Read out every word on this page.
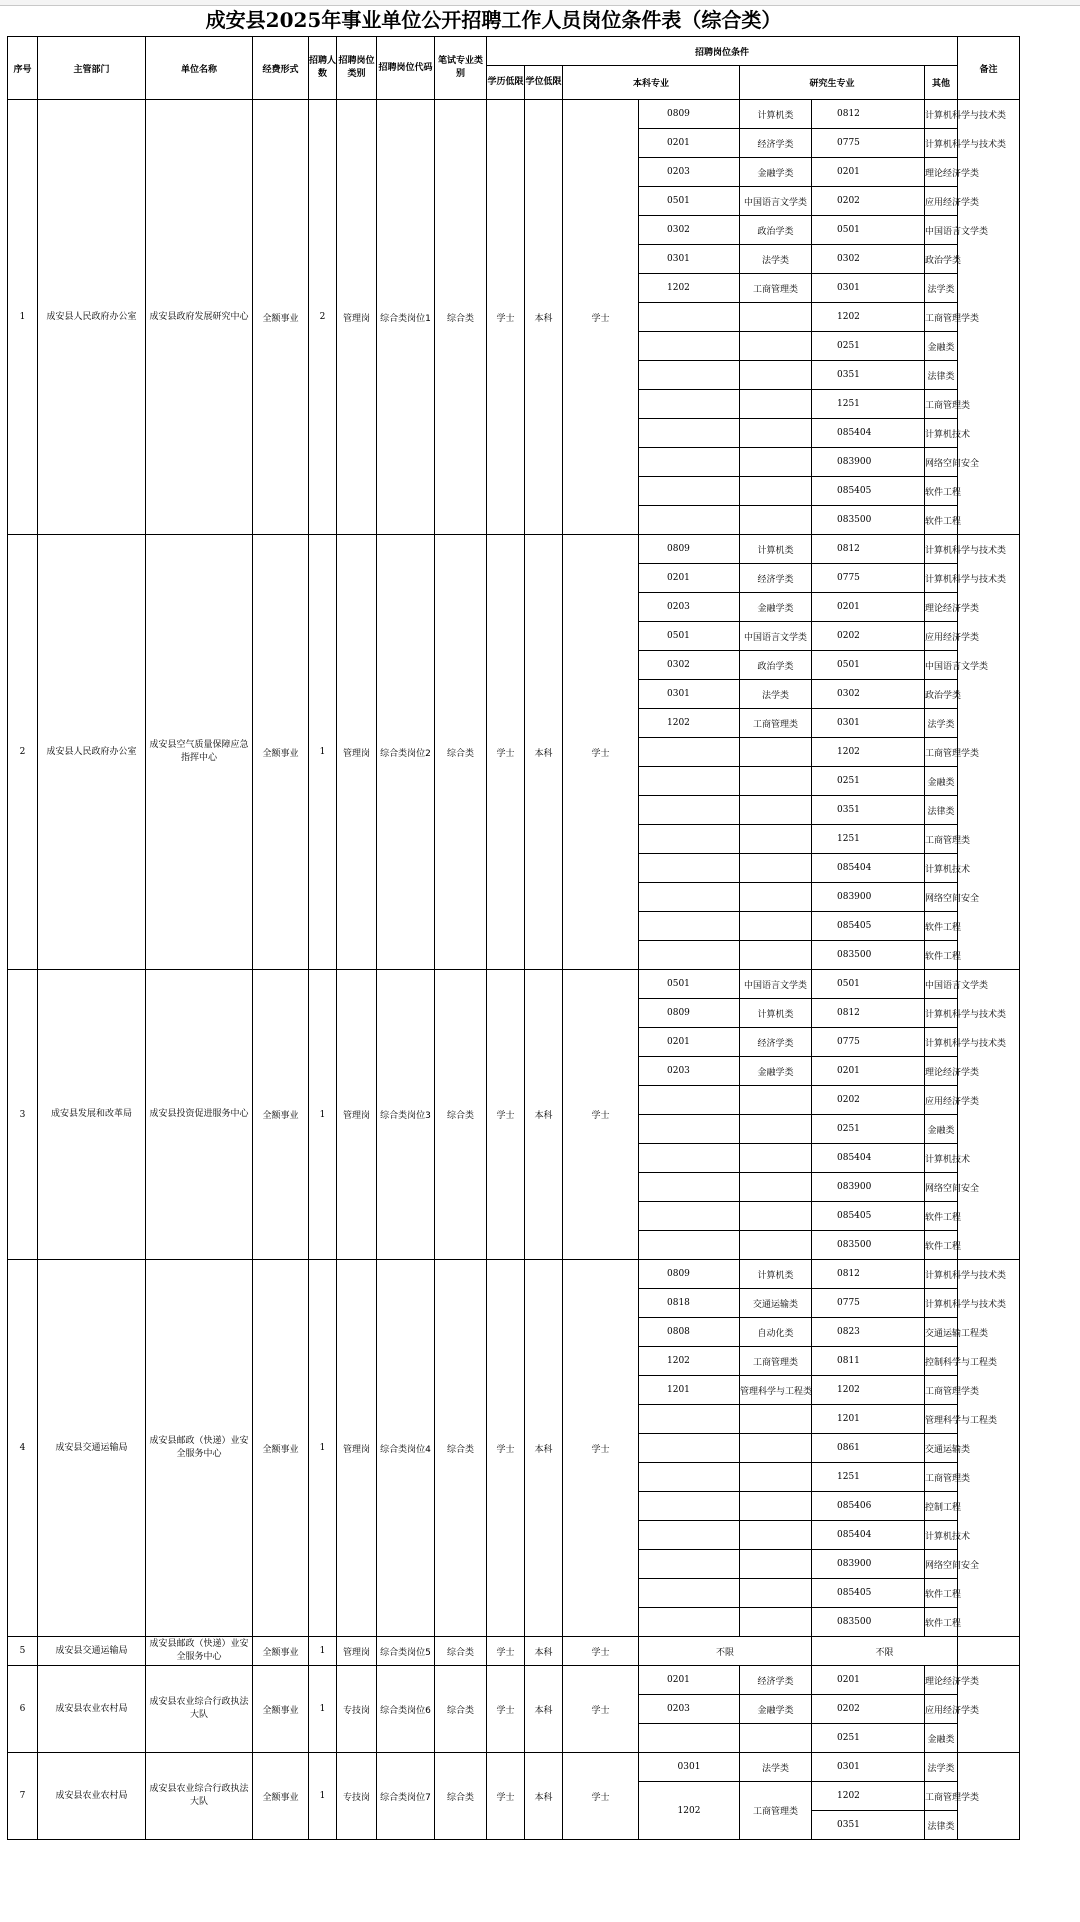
成安县2025年事业单位公开招聘工作人员岗位条件表（综合类）
序号	主管部门	单位名称	经费形式	招聘人数	招聘岗位类别	招聘岗位代码	笔试专业类别	招聘岗位条件							备注	
								学历低限	学位低限	本科专业		研究生专业		其他		
1	成安县人民政府办公室	成安县政府发展研究中心	全额事业	2	管理岗	综合类岗位1	综合类	学士	本科	学士	0809	计算机类	0812	计算机科学与技术类		
											0201	经济学类	0775	计算机科学与技术类		
											0203	金融学类	0201	理论经济学类		
											0501	中国语言文学类	0202	应用经济学类		
											0302	政治学类	0501	中国语言文学类		
											0301	法学类	0302	政治学类		
											1202	工商管理类	0301	法学类		
													1202	工商管理学类		
													0251	金融类		
													0351	法律类		
													1251	工商管理类		
													085404	计算机技术		
													083900	网络空间安全		
													085405	软件工程		
													083500	软件工程		
2	成安县人民政府办公室	成安县空气质量保障应急指挥中心	全额事业	1	管理岗	综合类岗位2	综合类	学士	本科	学士	0809	计算机类	0812	计算机科学与技术类		
											0201	经济学类	0775	计算机科学与技术类		
											0203	金融学类	0201	理论经济学类		
											0501	中国语言文学类	0202	应用经济学类		
											0302	政治学类	0501	中国语言文学类		
											0301	法学类	0302	政治学类		
											1202	工商管理类	0301	法学类		
													1202	工商管理学类		
													0251	金融类		
													0351	法律类		
													1251	工商管理类		
													085404	计算机技术		
													083900	网络空间安全		
													085405	软件工程		
													083500	软件工程		
3	成安县发展和改革局	成安县投资促进服务中心	全额事业	1	管理岗	综合类岗位3	综合类	学士	本科	学士	0501	中国语言文学类	0501	中国语言文学类		
											0809	计算机类	0812	计算机科学与技术类		
											0201	经济学类	0775	计算机科学与技术类		
											0203	金融学类	0201	理论经济学类		
													0202	应用经济学类		
													0251	金融类		
													085404	计算机技术		
													083900	网络空间安全		
													085405	软件工程		
													083500	软件工程		
4	成安县交通运输局	成安县邮政（快递）业安全服务中心	全额事业	1	管理岗	综合类岗位4	综合类	学士	本科	学士	0809	计算机类	0812	计算机科学与技术类		
											0818	交通运输类	0775	计算机科学与技术类		
											0808	自动化类	0823	交通运输工程类		
											1202	工商管理类	0811	控制科学与工程类		
											1201	管理科学与工程类	1202	工商管理学类		
													1201	管理科学与工程类		
													0861	交通运输类		
													1251	工商管理类		
													085406	控制工程		
													085404	计算机技术		
													083900	网络空间安全		
													085405	软件工程		
													083500	软件工程		
5	成安县交通运输局	成安县邮政（快递）业安全服务中心	全额事业	1	管理岗	综合类岗位5	综合类	学士	本科	学士	不限		不限		
6	成安县农业农村局	成安县农业综合行政执法大队	全额事业	1	专技岗	综合类岗位6	综合类	学士	本科	学士	0201	经济学类	0201	理论经济学类		
											0203	金融学类	0202	应用经济学类		
													0251	金融类		
7	成安县农业农村局	成安县农业综合行政执法大队	全额事业	1	专技岗	综合类岗位7	综合类	学士	本科	学士	0301	法学类	0301	法学类		
											1202	工商管理类	1202	工商管理学类		
													0351	法律类		
